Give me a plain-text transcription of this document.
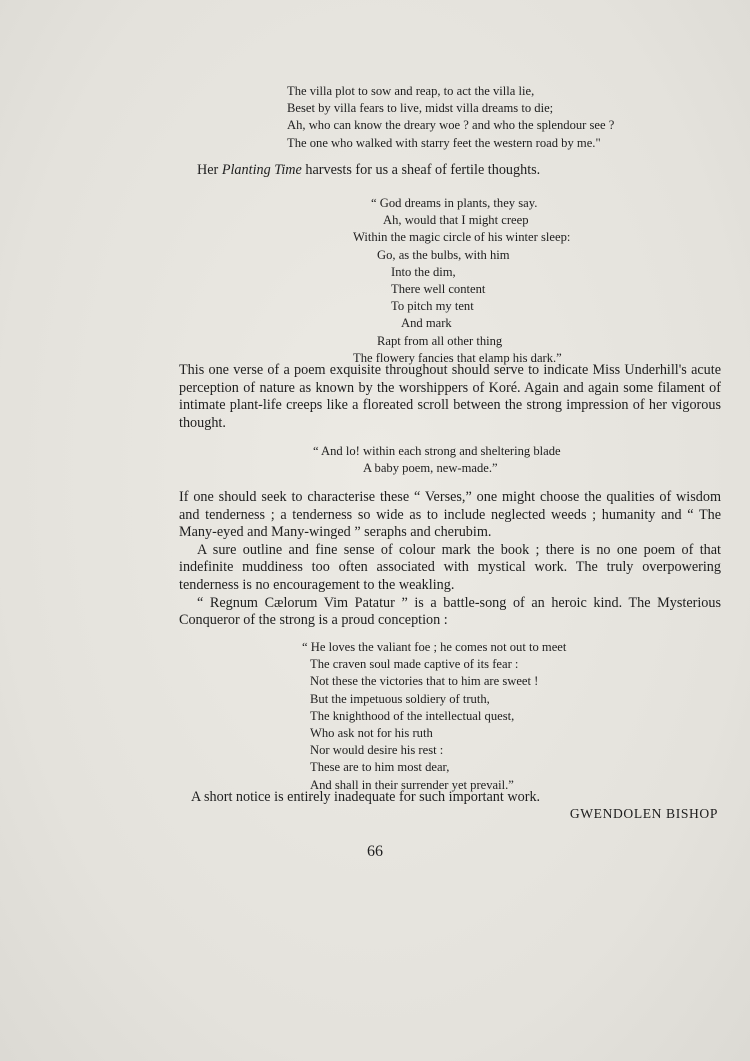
The villa plot to sow and reap, to act the villa lie,
Beset by villa fears to live, midst villa dreams to die;
Ah, who can know the dreary woe ? and who the splendour see ?
The one who walked with starry feet the western road by me."
Her Planting Time harvests for us a sheaf of fertile thoughts.
“ God dreams in plants, they say.
Ah, would that I might creep
Within the magic circle of his winter sleep:
Go, as the bulbs, with him
Into the dim,
There well content
To pitch my tent
And mark
Rapt from all other thing
The flowery fancies that elamp his dark.”

This one verse of a poem exquisite throughout should serve to indicate Miss Underhill's acute perception of nature as known by the worshippers of Koré. Again and again some filament of intimate plant-life creeps like a floreated scroll between the strong impression of her vigorous thought.

“ And lo! within each strong and sheltering blade
A baby poem, new-made.”

If one should seek to characterise these “ Verses,” one might choose the qualities of wisdom and tenderness ; a tenderness so wide as to include neglected weeds ; humanity and “ The Many-eyed and Many-winged ” seraphs and cherubim.

A sure outline and fine sense of colour mark the book ; there is no one poem of that indefinite muddiness too often associated with mystical work. The truly overpowering tenderness is no encouragement to the weakling.

“ Regnum Cælorum Vim Patatur ” is a battle-song of an heroic kind. The Mysterious Conqueror of the strong is a proud conception :

“ He loves the valiant foe ; he comes not out to meet
The craven soul made captive of its fear :
Not these the victories that to him are sweet !
But the impetuous soldiery of truth,
The knighthood of the intellectual quest,
Who ask not for his ruth
Nor would desire his rest :
These are to him most dear,
And shall in their surrender yet prevail.”
A short notice is entirely inadequate for such important work.
GWENDOLEN BISHOP
66
